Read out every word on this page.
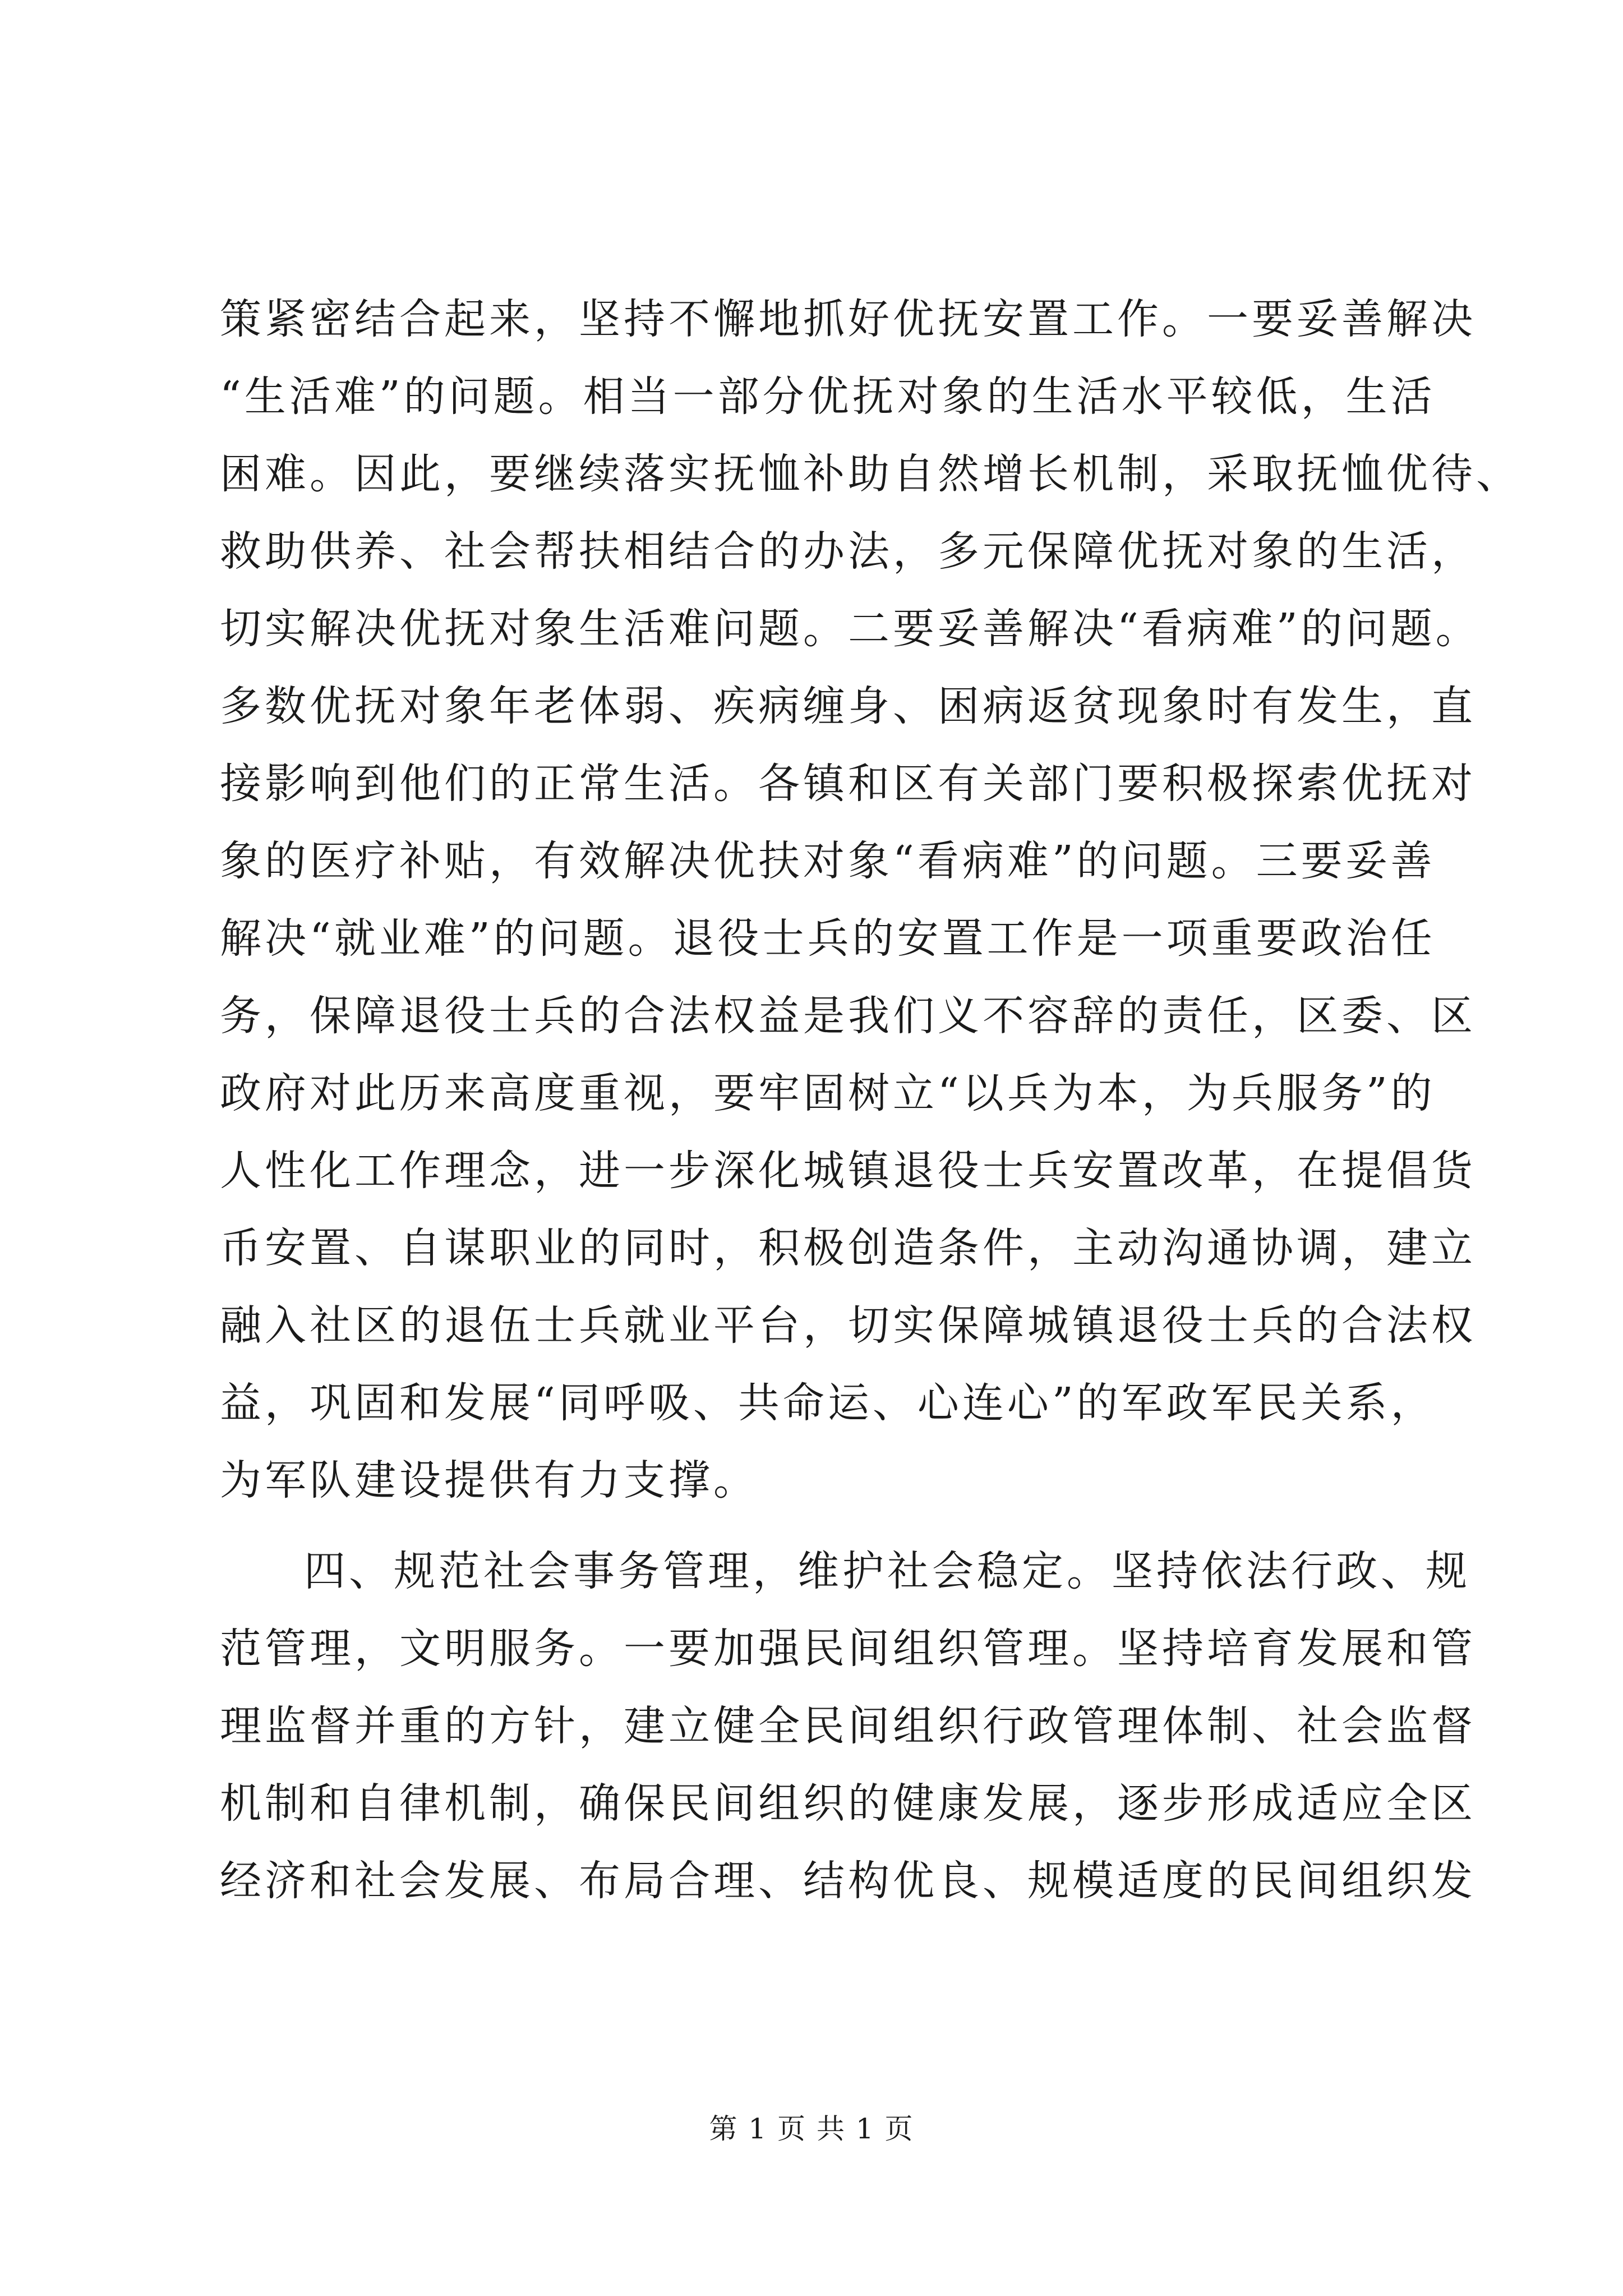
策紧密结合起来，坚持不懈地抓好优抚安置工作。一要妥善解决
“生活难”的问题。相当一部分优抚对象的生活水平较低，生活
困难。因此，要继续落实抚恤补助自然增长机制，采取抚恤优待、
救助供养、社会帮扶相结合的办法，多元保障优抚对象的生活，
切实解决优抚对象生活难问题。二要妥善解决“看病难”的问题。
多数优抚对象年老体弱、疾病缠身、困病返贫现象时有发生，直
接影响到他们的正常生活。各镇和区有关部门要积极探索优抚对
象的医疗补贴，有效解决优扶对象“看病难”的问题。三要妥善
解决“就业难”的问题。退役士兵的安置工作是一项重要政治任
务，保障退役士兵的合法权益是我们义不容辞的责任，区委、区
政府对此历来高度重视，要牢固树立“以兵为本，为兵服务”的
人性化工作理念，进一步深化城镇退役士兵安置改革，在提倡货
币安置、自谋职业的同时，积极创造条件，主动沟通协调，建立
融入社区的退伍士兵就业平台，切实保障城镇退役士兵的合法权
益，巩固和发展“同呼吸、共命运、心连心”的军政军民关系，
为军队建设提供有力支撑。
四、规范社会事务管理，维护社会稳定。坚持依法行政、规
范管理，文明服务。一要加强民间组织管理。坚持培育发展和管
理监督并重的方针，建立健全民间组织行政管理体制、社会监督
机制和自律机制，确保民间组织的健康发展，逐步形成适应全区
经济和社会发展、布局合理、结构优良、规模适度的民间组织发
第 1 页 共 1 页
